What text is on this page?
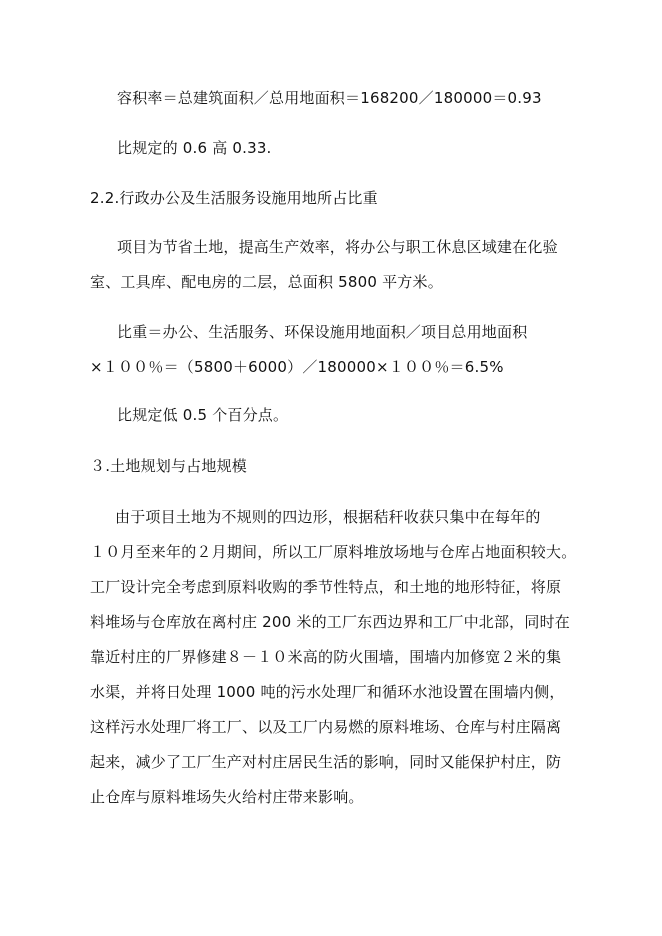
容积率＝总建筑面积／总用地面积＝168200／180000＝0.93

比规定的 0.6 高 0.33.

2.2.行政办公及生活服务设施用地所占比重

项目为节省土地，提高生产效率，将办公与职工休息区域建在化验

室、工具库、配电房的二层，总面积 5800 平方米。

比重＝办公、生活服务、环保设施用地面积／项目总用地面积

×１００％＝（5800＋6000）／180000×１００％＝6.5%

比规定低 0.5 个百分点。

３.土地规划与占地规模

由于项目土地为不规则的四边形，根据秸秆收获只集中在每年的

１０月至来年的２月期间，所以工厂原料堆放场地与仓库占地面积较大。

工厂设计完全考虑到原料收购的季节性特点，和土地的地形特征，将原

料堆场与仓库放在离村庄 200 米的工厂东西边界和工厂中北部，同时在

靠近村庄的厂界修建８－１０米高的防火围墙，围墙内加修宽２米的集

水渠，并将日处理 1000 吨的污水处理厂和循环水池设置在围墙内侧，

这样污水处理厂将工厂、以及工厂内易燃的原料堆场、仓库与村庄隔离

起来，减少了工厂生产对村庄居民生活的影响，同时又能保护村庄，防

止仓库与原料堆场失火给村庄带来影响。
